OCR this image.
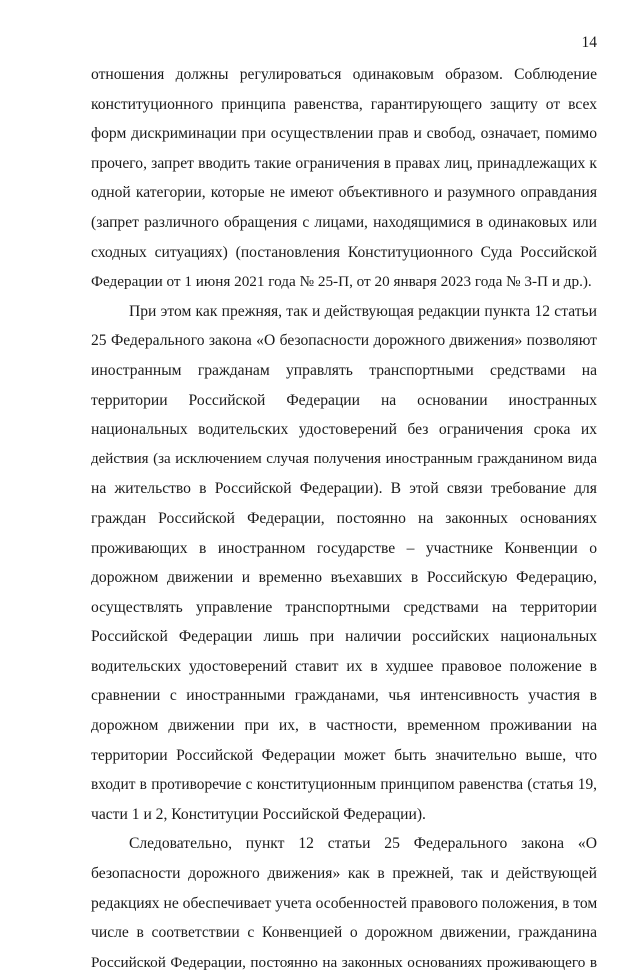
14
отношения должны регулироваться одинаковым образом. Соблюдение
конституционного принципа равенства, гарантирующего защиту от всех
форм дискриминации при осуществлении прав и свобод, означает, помимо
прочего, запрет вводить такие ограничения в правах лиц, принадлежащих к
одной категории, которые не имеют объективного и разумного оправдания
(запрет различного обращения с лицами, находящимися в одинаковых или
сходных ситуациях) (постановления Конституционного Суда Российской
Федерации от 1 июня 2021 года № 25-П, от 20 января 2023 года № 3-П и др.).
При этом как прежняя, так и действующая редакции пункта 12 статьи
25 Федерального закона «О безопасности дорожного движения» позволяют
иностранным гражданам управлять транспортными средствами на
территории Российской Федерации на основании иностранных
национальных водительских удостоверений без ограничения срока их
действия (за исключением случая получения иностранным гражданином вида
на жительство в Российской Федерации). В этой связи требование для
граждан Российской Федерации, постоянно на законных основаниях
проживающих в иностранном государстве – участнике Конвенции о
дорожном движении и временно въехавших в Российскую Федерацию,
осуществлять управление транспортными средствами на территории
Российской Федерации лишь при наличии российских национальных
водительских удостоверений ставит их в худшее правовое положение в
сравнении с иностранными гражданами, чья интенсивность участия в
дорожном движении при их, в частности, временном проживании на
территории Российской Федерации может быть значительно выше, что
входит в противоречие с конституционным принципом равенства (статья 19,
части 1 и 2, Конституции Российской Федерации).
Следовательно, пункт 12 статьи 25 Федерального закона «О
безопасности дорожного движения» как в прежней, так и действующей
редакциях не обеспечивает учета особенностей правового положения, в том
числе в соответствии с Конвенцией о дорожном движении, гражданина
Российской Федерации, постоянно на законных основаниях проживающего в
